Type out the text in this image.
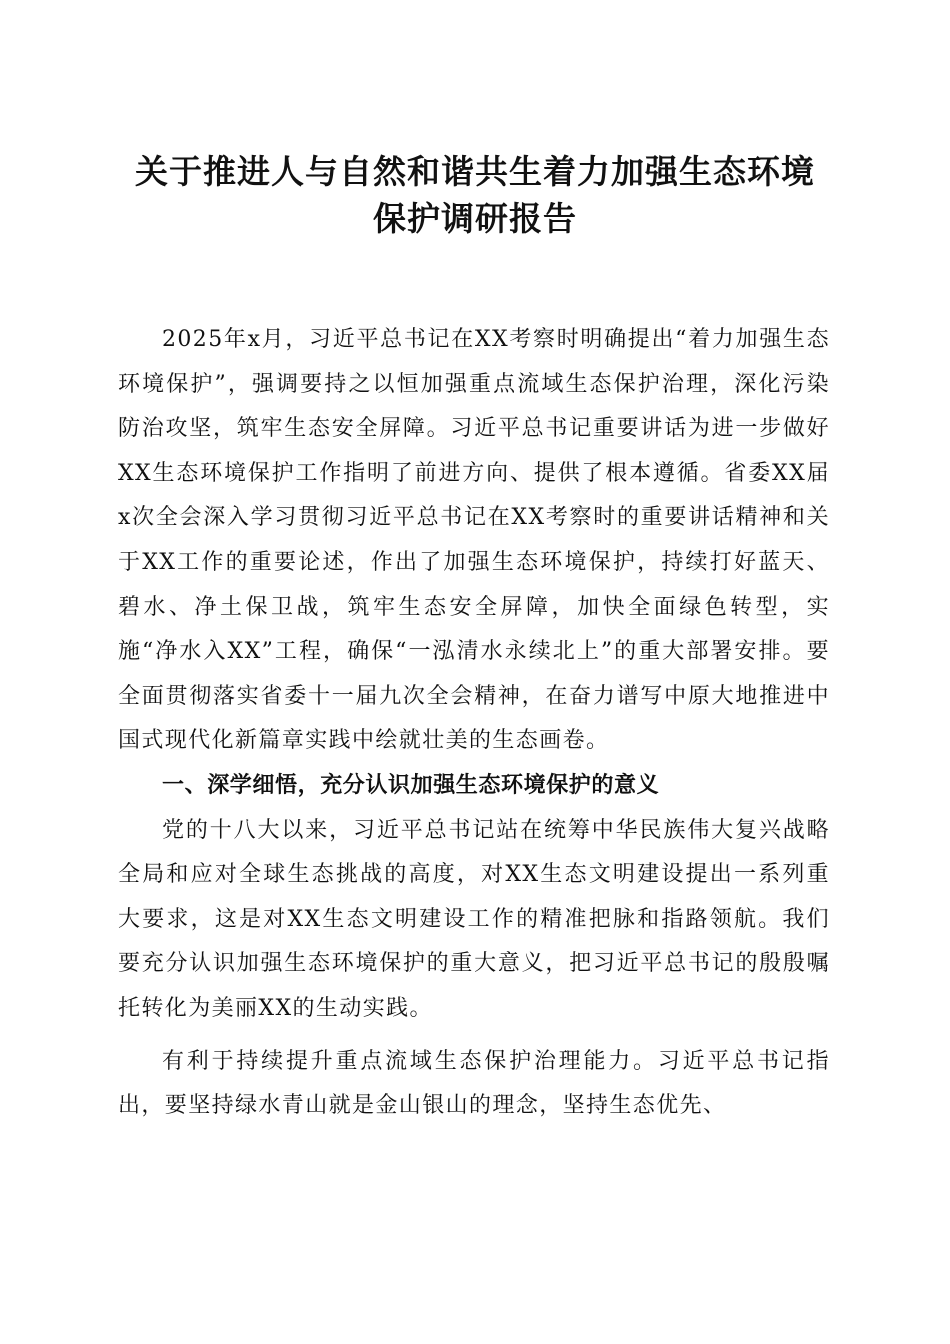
关于推进人与自然和谐共生着力加强生态环境
保护调研报告

2025年x月，习近平总书记在XX考察时明确提出“着力加强生态环境保护”，强调要持之以恒加强重点流域生态保护治理，深化污染防治攻坚，筑牢生态安全屏障。习近平总书记重要讲话为进一步做好XX生态环境保护工作指明了前进方向、提供了根本遵循。省委XX届x次全会深入学习贯彻习近平总书记在XX考察时的重要讲话精神和关于XX工作的重要论述，作出了加强生态环境保护，持续打好蓝天、碧水、净土保卫战，筑牢生态安全屏障，加快全面绿色转型，实施“净水入XX”工程，确保“一泓清水永续北上”的重大部署安排。要全面贯彻落实省委十一届九次全会精神，在奋力谱写中原大地推进中国式现代化新篇章实践中绘就壮美的生态画卷。

一、深学细悟，充分认识加强生态环境保护的意义

党的十八大以来，习近平总书记站在统筹中华民族伟大复兴战略全局和应对全球生态挑战的高度，对XX生态文明建设提出一系列重大要求，这是对XX生态文明建设工作的精准把脉和指路领航。我们要充分认识加强生态环境保护的重大意义，把习近平总书记的殷殷嘱托转化为美丽XX的生动实践。

有利于持续提升重点流域生态保护治理能力。习近平总书记指出，要坚持绿水青山就是金山银山的理念，坚持生态优先、
